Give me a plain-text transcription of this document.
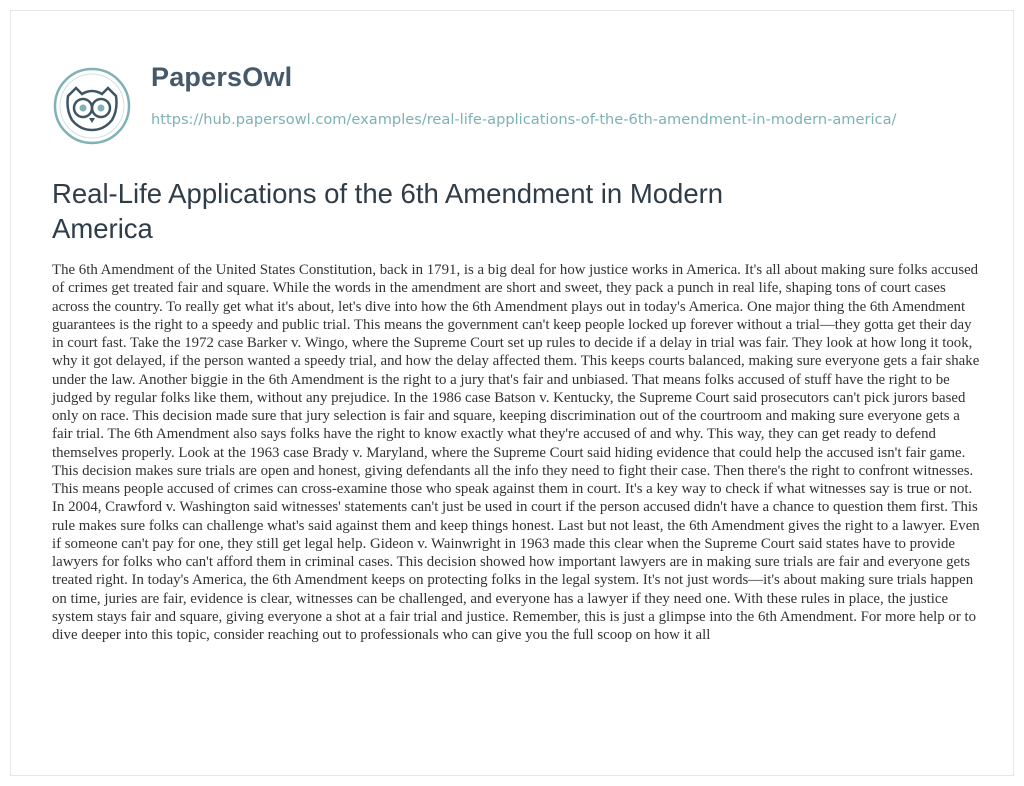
PapersOwl
https://hub.papersowl.com/examples/real-life-applications-of-the-6th-amendment-in-modern-america/
Real-Life Applications of the 6th Amendment in Modern America

The 6th Amendment of the United States Constitution, back in 1791, is a big deal for how justice works in America. It's all about making sure folks accused of crimes get treated fair and square. While the words in the amendment are short and sweet, they pack a punch in real life, shaping tons of court cases across the country. To really get what it's about, let's dive into how the 6th Amendment plays out in today's America. One major thing the 6th Amendment guarantees is the right to a speedy and public trial. This means the government can't keep people locked up forever without a trial—they gotta get their day in court fast. Take the 1972 case Barker v. Wingo, where the Supreme Court set up rules to decide if a delay in trial was fair. They look at how long it took, why it got delayed, if the person wanted a speedy trial, and how the delay affected them. This keeps courts balanced, making sure everyone gets a fair shake under the law. Another biggie in the 6th Amendment is the right to a jury that's fair and unbiased. That means folks accused of stuff have the right to be judged by regular folks like them, without any prejudice. In the 1986 case Batson v. Kentucky, the Supreme Court said prosecutors can't pick jurors based only on race. This decision made sure that jury selection is fair and square, keeping discrimination out of the courtroom and making sure everyone gets a fair trial. The 6th Amendment also says folks have the right to know exactly what they're accused of and why. This way, they can get ready to defend themselves properly. Look at the 1963 case Brady v. Maryland, where the Supreme Court said hiding evidence that could help the accused isn't fair game. This decision makes sure trials are open and honest, giving defendants all the info they need to fight their case. Then there's the right to confront witnesses. This means people accused of crimes can cross-examine those who speak against them in court. It's a key way to check if what witnesses say is true or not. In 2004, Crawford v. Washington said witnesses' statements can't just be used in court if the person accused didn't have a chance to question them first. This rule makes sure folks can challenge what's said against them and keep things honest. Last but not least, the 6th Amendment gives the right to a lawyer. Even if someone can't pay for one, they still get legal help. Gideon v. Wainwright in 1963 made this clear when the Supreme Court said states have to provide lawyers for folks who can't afford them in criminal cases. This decision showed how important lawyers are in making sure trials are fair and everyone gets treated right. In today's America, the 6th Amendment keeps on protecting folks in the legal system. It's not just words—it's about making sure trials happen on time, juries are fair, evidence is clear, witnesses can be challenged, and everyone has a lawyer if they need one. With these rules in place, the justice system stays fair and square, giving everyone a shot at a fair trial and justice. Remember, this is just a glimpse into the 6th Amendment. For more help or to dive deeper into this topic, consider reaching out to professionals who can give you the full scoop on how it all
